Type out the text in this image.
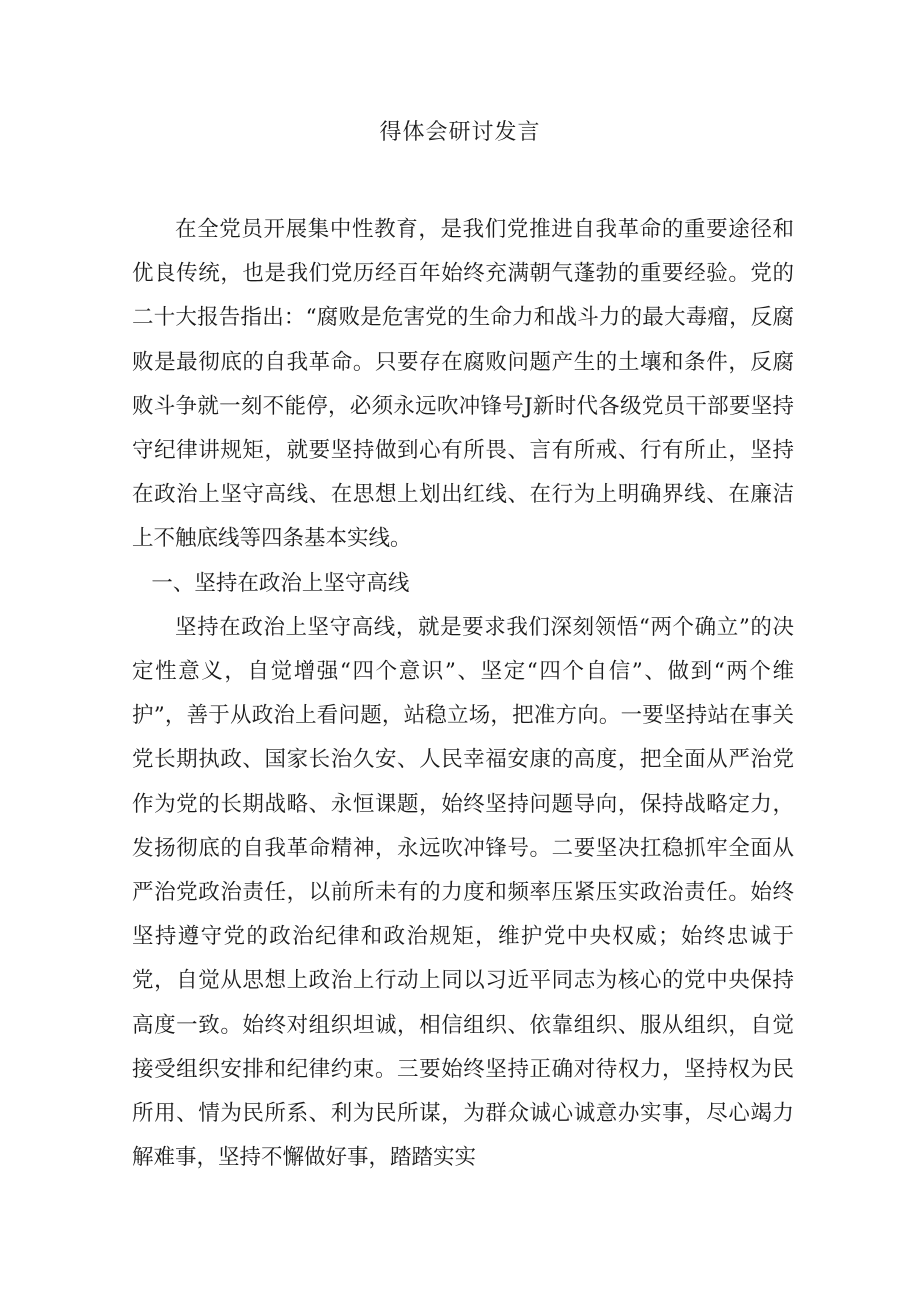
得体会研讨发言

在全党员开展集中性教育，是我们党推进自我革命的重要途径和优良传统，也是我们党历经百年始终充满朝气蓬勃的重要经验。党的二十大报告指出：“腐败是危害党的生命力和战斗力的最大毒瘤，反腐败是最彻底的自我革命。只要存在腐败问题产生的土壤和条件，反腐败斗争就一刻不能停，必须永远吹冲锋号J新时代各级党员干部要坚持守纪律讲规矩，就要坚持做到心有所畏、言有所戒、行有所止，坚持在政治上坚守高线、在思想上划出红线、在行为上明确界线、在廉洁上不触底线等四条基本实线。

一、坚持在政治上坚守高线

坚持在政治上坚守高线，就是要求我们深刻领悟“两个确立”的决定性意义，自觉增强“四个意识”、坚定“四个自信”、做到“两个维护”，善于从政治上看问题，站稳立场，把准方向。一要坚持站在事关党长期执政、国家长治久安、人民幸福安康的高度，把全面从严治党作为党的长期战略、永恒课题，始终坚持问题导向，保持战略定力，发扬彻底的自我革命精神，永远吹冲锋号。二要坚决扛稳抓牢全面从严治党政治责任，以前所未有的力度和频率压紧压实政治责任。始终坚持遵守党的政治纪律和政治规矩，维护党中央权威；始终忠诚于党，自觉从思想上政治上行动上同以习近平同志为核心的党中央保持高度一致。始终对组织坦诚，相信组织、依靠组织、服从组织，自觉接受组织安排和纪律约束。三要始终坚持正确对待权力，坚持权为民所用、情为民所系、利为民所谋，为群众诚心诚意办实事，尽心竭力解难事，坚持不懈做好事，踏踏实实
